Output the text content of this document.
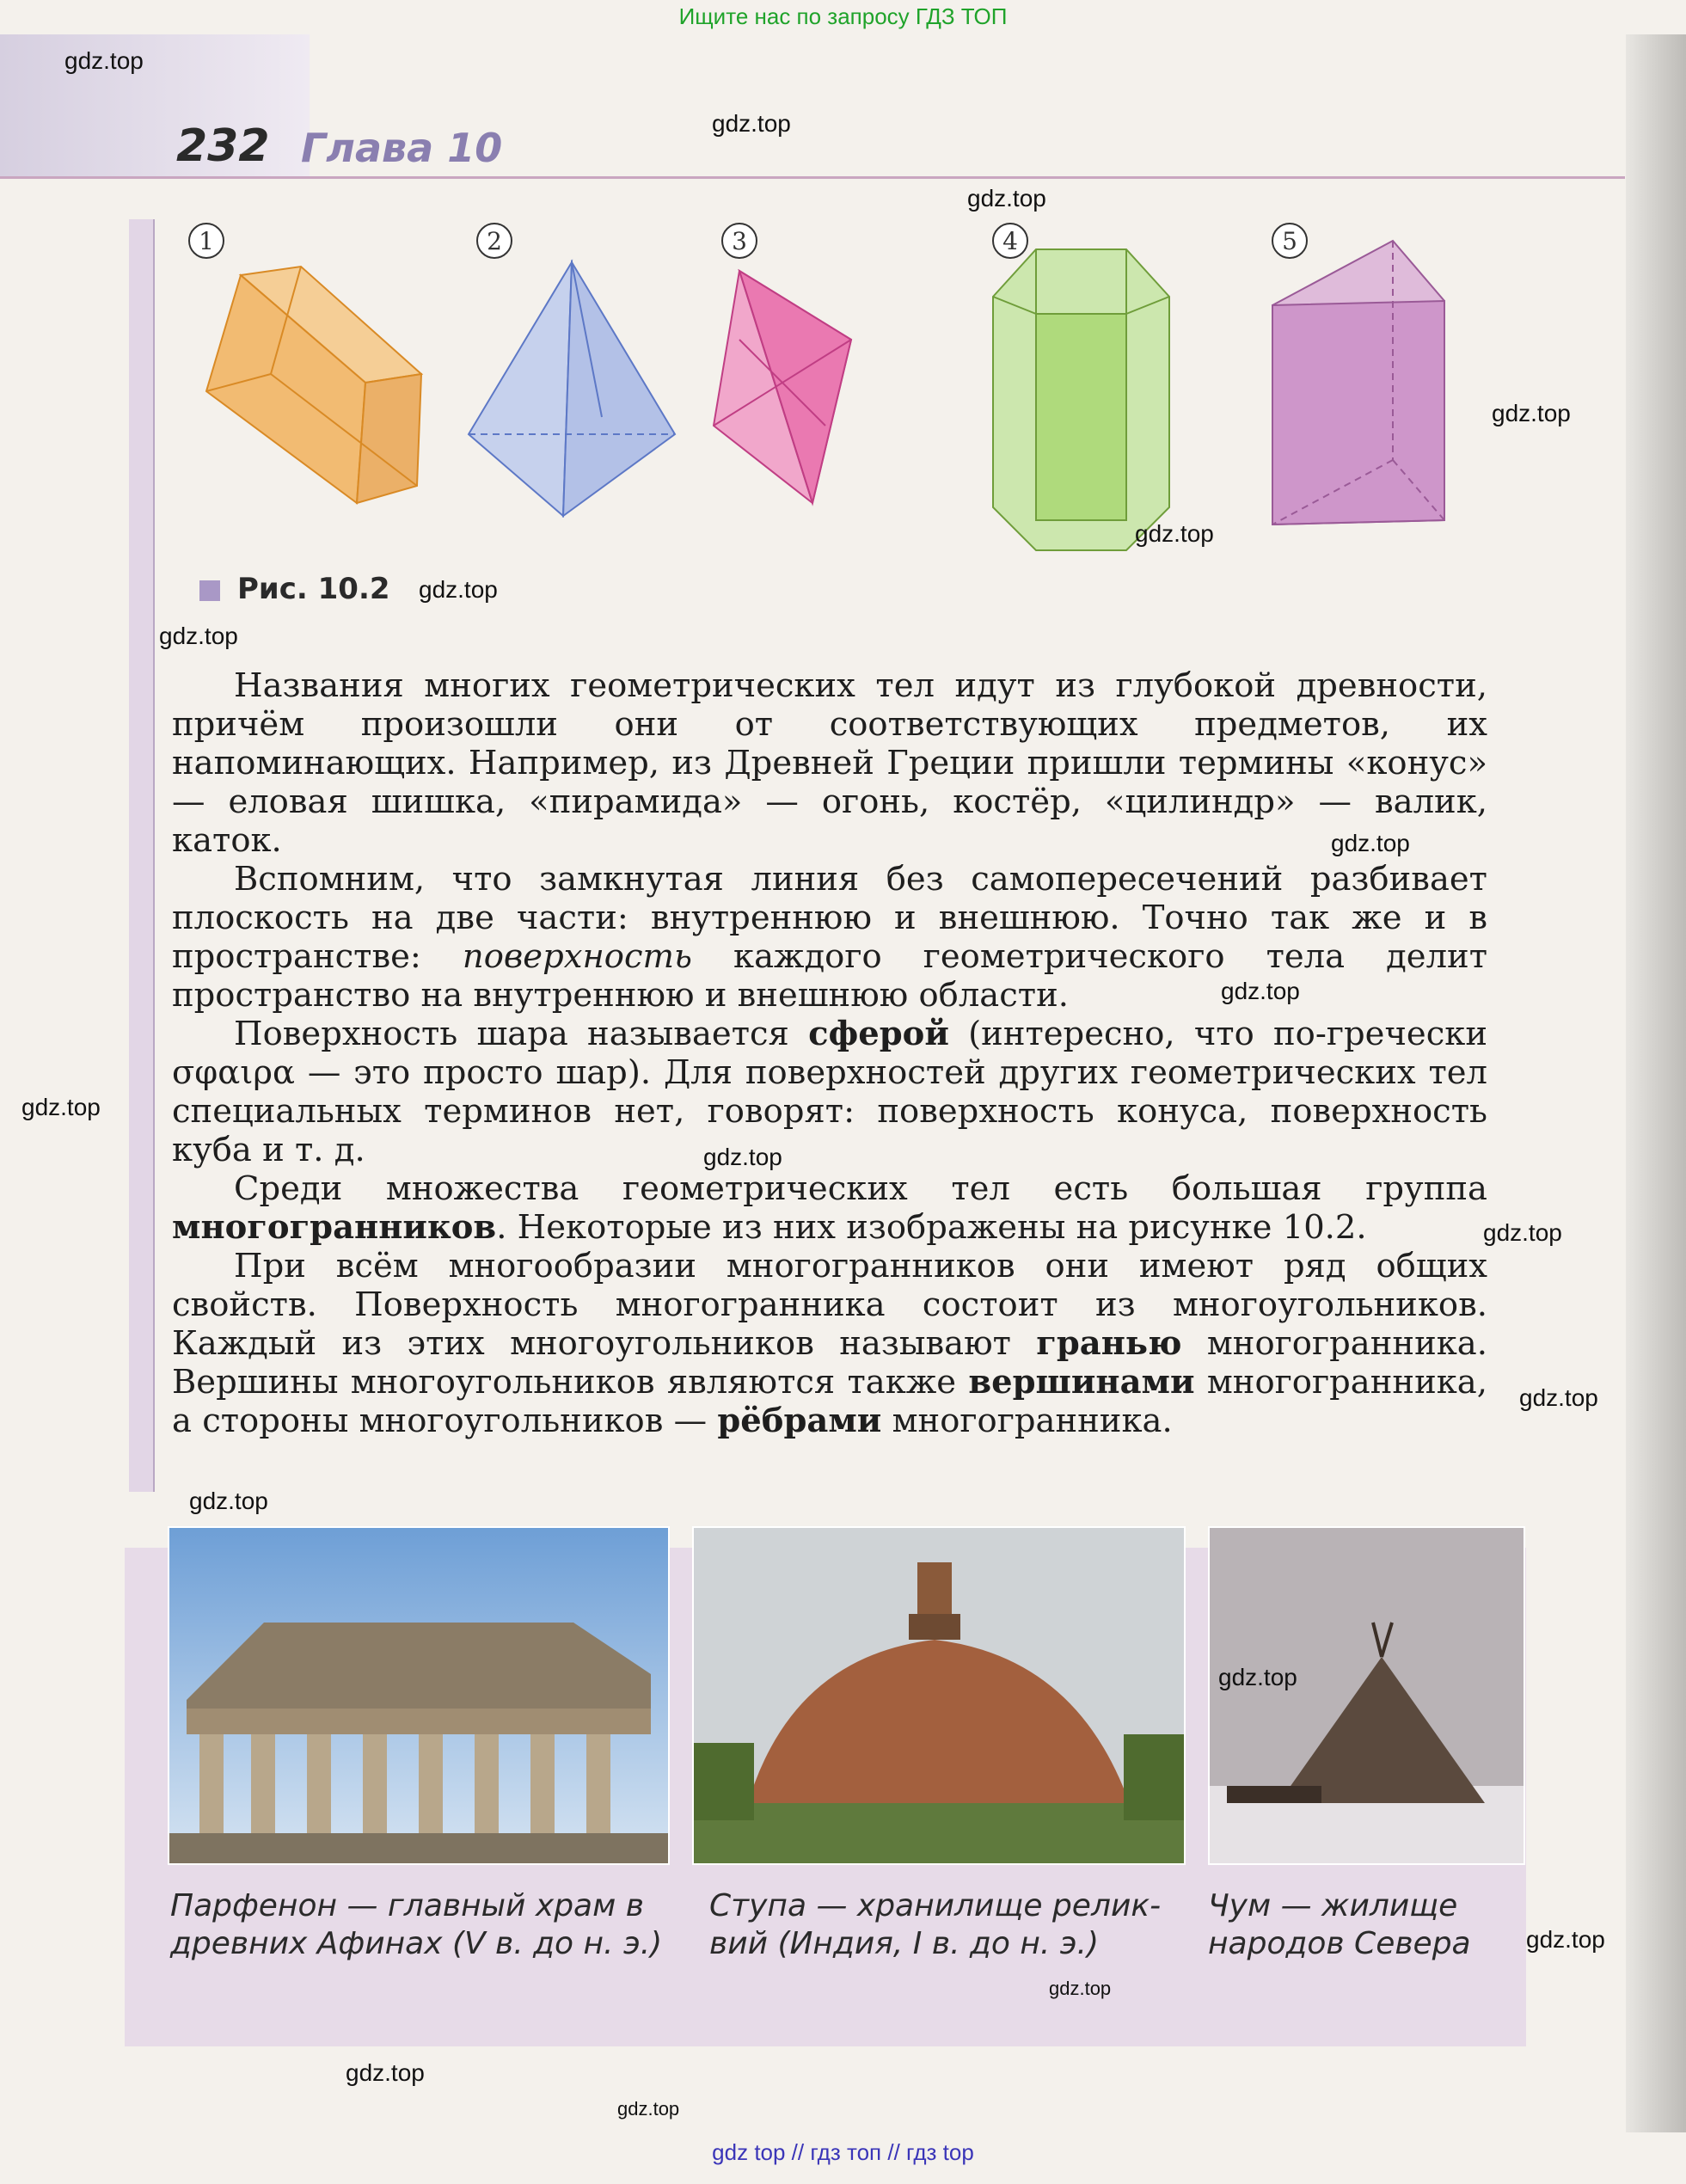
Ищите нас по запросу ГДЗ ТОП
232 Глава 10
1	2	3	4	5
Рис. 10.2

Названия многих геометрических тел идут из глубокой древности, причём произошли они от соответствующих предметов, их напоминающих. Например, из Древней Греции пришли термины «конус» — еловая шишка, «пирамида» — огонь, костёр, «цилиндр» — валик, каток.

Вспомним, что замкнутая линия без самопересечений разбивает плоскость на две части: внутреннюю и внешнюю. Точно так же и в пространстве: поверхность каждого геометрического тела делит пространство на внутреннюю и внешнюю области.

Поверхность шара называется сферой (интересно, что по-гречески σφαιρα — это просто шар). Для поверхностей других геометрических тел специальных терминов нет, говорят: поверхность конуса, поверхность куба и т. д.

Среди множества геометрических тел есть большая группа многогранников. Некоторые из них изображены на рисунке 10.2.

При всём многообразии многогранников они имеют ряд общих свойств. Поверхность многогранника состоит из многоугольников. Каждый из этих многоугольников называют гранью многогранника. Вершины многоугольников являются также вершинами многогранника, а стороны многоугольников — рёбрами многогранника.

Парфенон — главный храм в
древних Афинах (V в. до н. э.)
Ступа — хранилище релик-
вий (Индия, I в. до н. э.)
Чум — жилище
народов Севера
gdz.top
gdz.top
gdz.top
gdz.top
gdz.top
gdz.top
gdz.top
gdz.top
gdz.top
gdz.top
gdz.top
gdz.top
gdz.top
gdz.top
gdz.top
gdz.top
gdz.top
gdz.top
gdz.top
gdz top // гдз топ // гдз top
